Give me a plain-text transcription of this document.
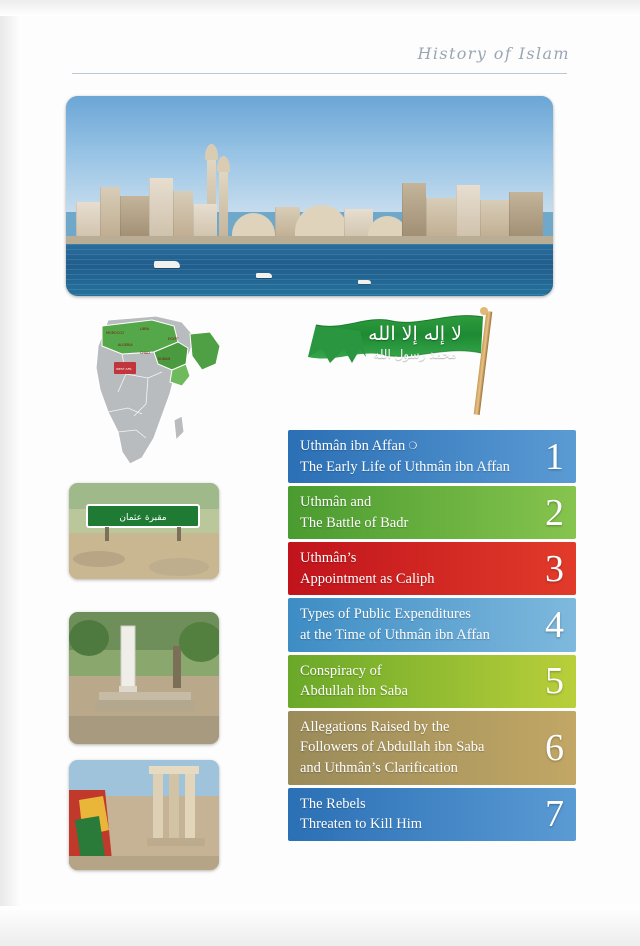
History of Islam
MOROCCO
LIBYA
EGYPT
SUDAN
ALGERIA
CHAD
WEST AFR.
لا إله إلا الله
محمد رسول الله
مقبرة عثمان
Uthmân ibn Affan ❍
The Early Life of Uthmân ibn Affan 1
Uthmân and
The Battle of Badr	2
Uthmân’s
Appointment as Caliph	3
Types of Public Expenditures
at the Time of Uthmân ibn Affan 4
Conspiracy of
Abdullah ibn Saba	5
Allegations Raised by the
Followers of Abdullah ibn Saba
and Uthmân’s Clarification	6
The Rebels
Threaten to Kill Him	7
